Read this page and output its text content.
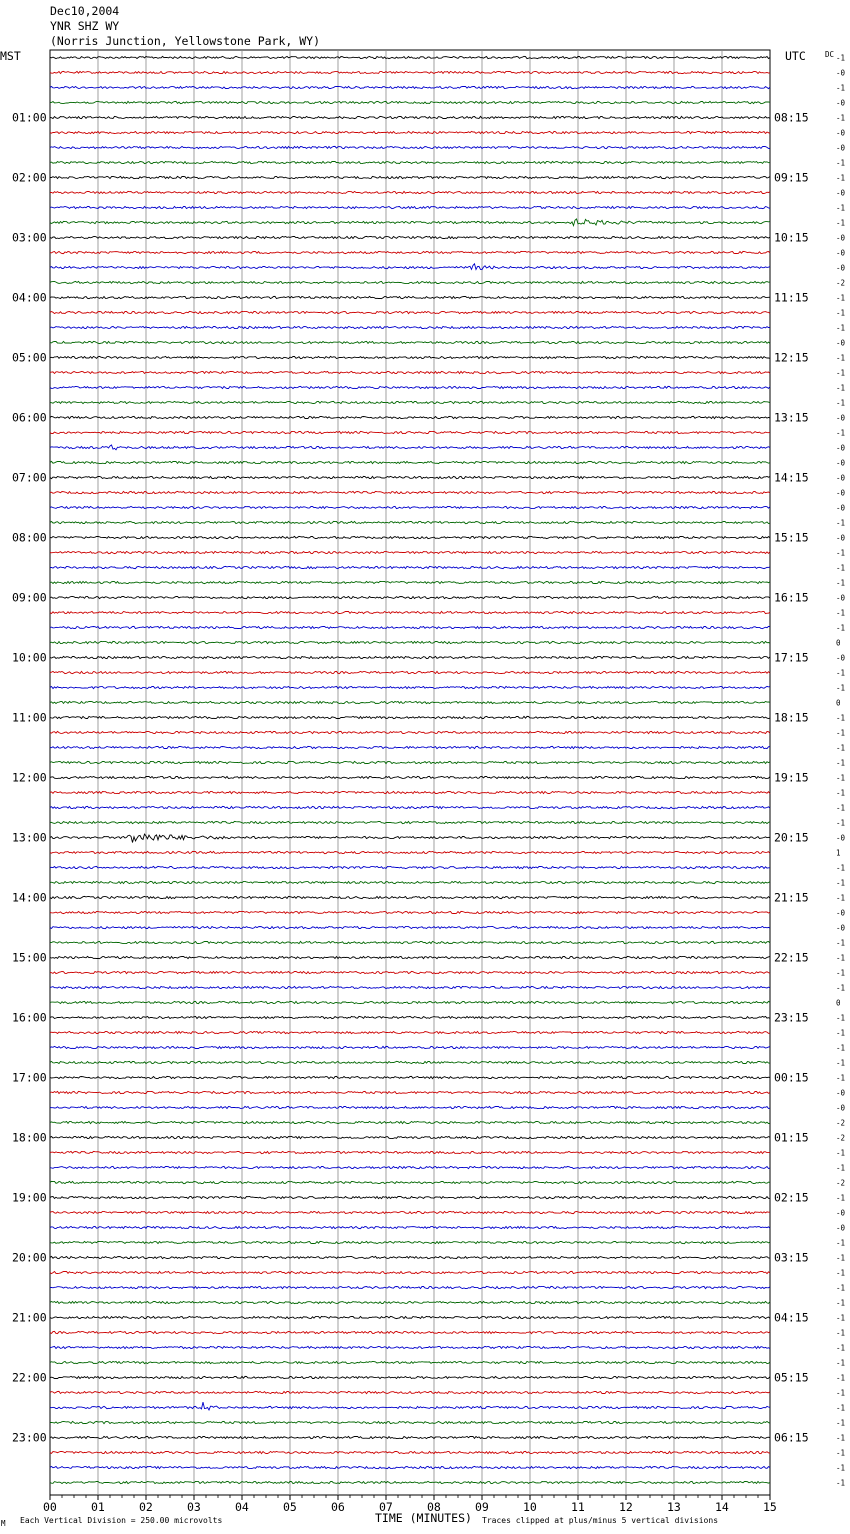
Dec10,2004
YNR SHZ WY
(Norris Junction, Yellowstone Park, WY)
01:00
02:00
03:00
04:00
05:00
06:00
07:00
08:00
09:00
10:00
11:00
12:00
13:00
14:00
15:00
16:00
17:00
18:00
19:00
20:00
21:00
22:00
23:00
08:15
09:15
10:15
11:15
12:15
13:15
14:15
15:15
16:15
17:15
18:15
19:15
20:15
21:15
22:15
23:15
00:15
01:15
02:15
03:15
04:15
05:15
06:15
-1
-0
-1
-0
-1
-0
-0
-1
-1
-0
-1
-1
-0
-0
-0
-2
-1
-1
-1
-0
-1
-1
-1
-1
-0
-1
-0
-0
-0
-0
-0
-1
-0
-1
-1
-1
-0
-1
-1
0
-0
-1
-1
0
-1
-1
-1
-1
-1
-1
-1
-1
-0
1
-1
-1
-1
-0
-0
-1
-1
-1
-1
0
-1
-1
-1
-1
-1
-0
-0
-2
-2
-1
-1
-2
-1
-0
-0
-1
-1
-1
-1
-1
-1
-1
-1
-1
-1
-1
-1
-1
-1
-1
-1
-1
00	01	02	03	04	05	06	07	08	09	10	11	12	13	14	15
MST	UTC	DC
TIME (MINUTES)
Each Vertical Division = 250.00 microvolts	Traces clipped at plus/minus 5 vertical divisions
M
